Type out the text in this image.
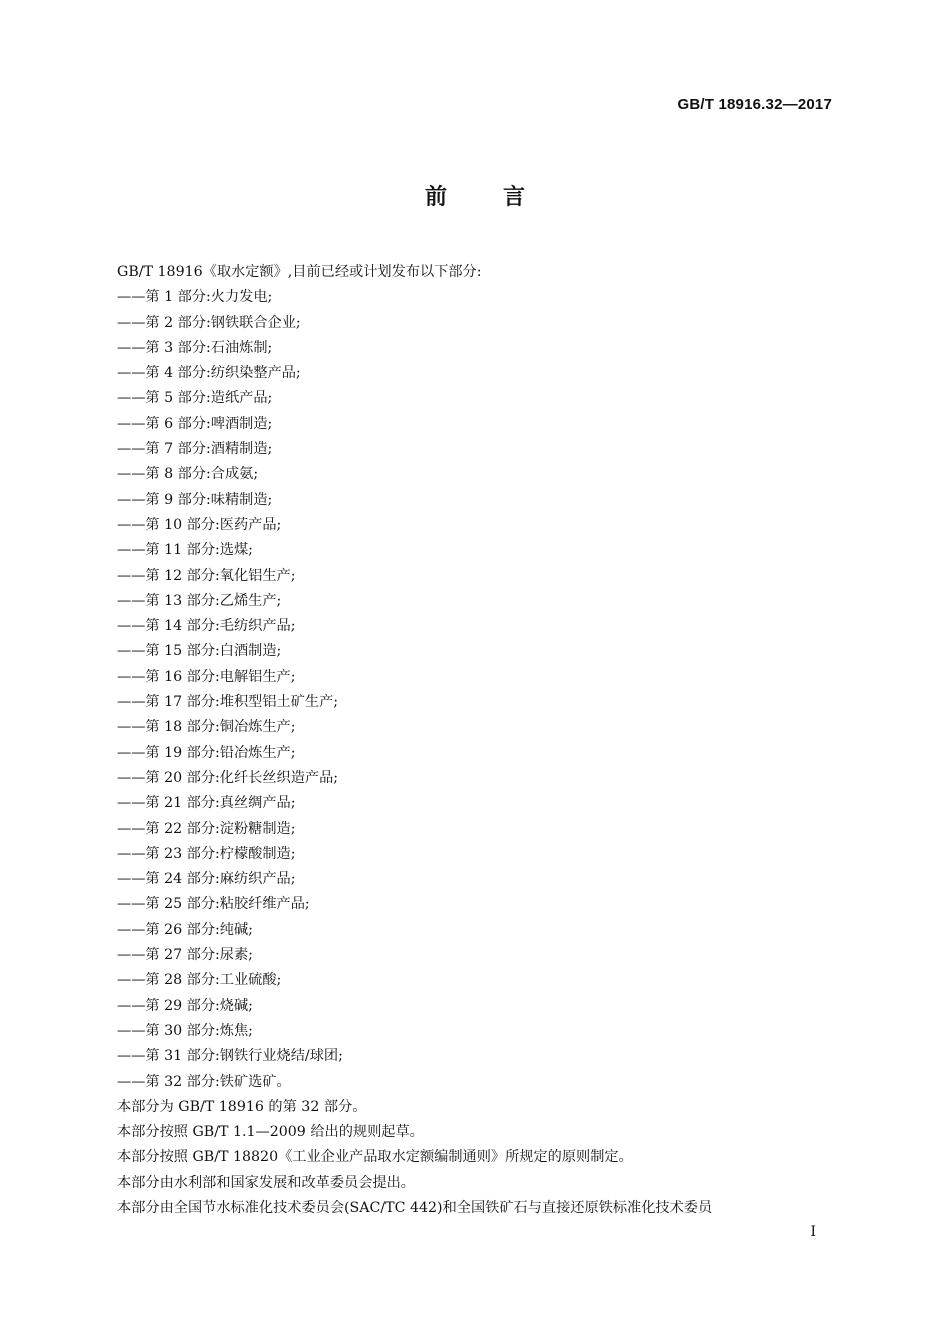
GB/T 18916.32—2017
前言
GB/T 18916《取水定额》,目前已经或计划发布以下部分:
——第 1 部分:火力发电;
——第 2 部分:钢铁联合企业;
——第 3 部分:石油炼制;
——第 4 部分:纺织染整产品;
——第 5 部分:造纸产品;
——第 6 部分:啤酒制造;
——第 7 部分:酒精制造;
——第 8 部分:合成氨;
——第 9 部分:味精制造;
——第 10 部分:医药产品;
——第 11 部分:选煤;
——第 12 部分:氧化铝生产;
——第 13 部分:乙烯生产;
——第 14 部分:毛纺织产品;
——第 15 部分:白酒制造;
——第 16 部分:电解铝生产;
——第 17 部分:堆积型铝土矿生产;
——第 18 部分:铜冶炼生产;
——第 19 部分:铅冶炼生产;
——第 20 部分:化纤长丝织造产品;
——第 21 部分:真丝绸产品;
——第 22 部分:淀粉糖制造;
——第 23 部分:柠檬酸制造;
——第 24 部分:麻纺织产品;
——第 25 部分:粘胶纤维产品;
——第 26 部分:纯碱;
——第 27 部分:尿素;
——第 28 部分:工业硫酸;
——第 29 部分:烧碱;
——第 30 部分:炼焦;
——第 31 部分:钢铁行业烧结/球团;
——第 32 部分:铁矿选矿。
本部分为 GB/T 18916 的第 32 部分。
本部分按照 GB/T 1.1—2009 给出的规则起草。
本部分按照 GB/T 18820《工业企业产品取水定额编制通则》所规定的原则制定。
本部分由水利部和国家发展和改革委员会提出。
本部分由全国节水标准化技术委员会(SAC/TC 442)和全国铁矿石与直接还原铁标准化技术委员
I
